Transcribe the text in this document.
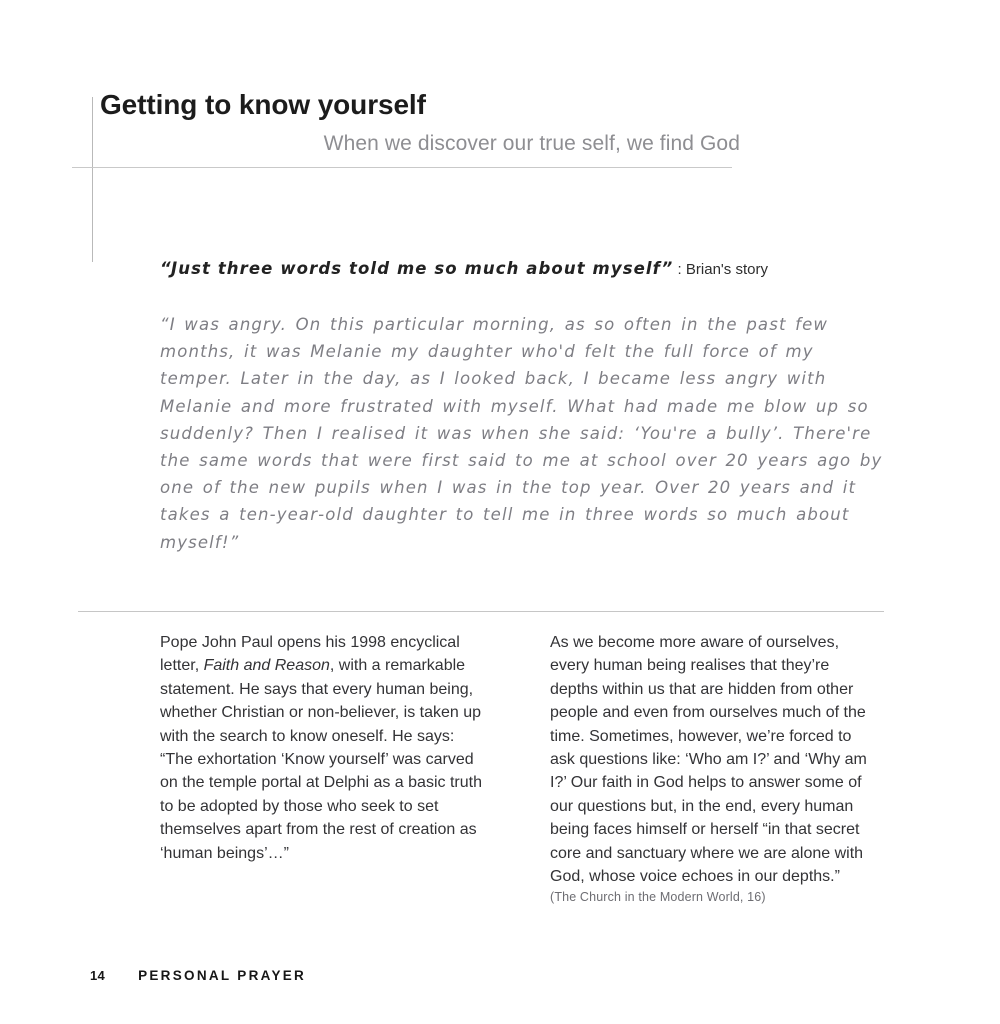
Getting to know yourself
When we discover our true self, we find God
“Just three words told me so much about myself” : Brian's story
“I was angry. On this particular morning, as so often in the past few months, it was Melanie my daughter who'd felt the full force of my temper. Later in the day, as I looked back, I became less angry with Melanie and more frustrated with myself. What had made me blow up so suddenly? Then I realised it was when she said: ‘You're a bully’. There're the same words that were first said to me at school over 20 years ago by one of the new pupils when I was in the top year. Over 20 years and it takes a ten‐year‐old daughter to tell me in three words so much about myself!”

Pope John Paul opens his 1998 encyclical letter, Faith and Reason, with a remarkable statement. He says that every human being, whether Christian or non-believer, is taken up with the search to know oneself. He says: “The exhortation ‘Know yourself’ was carved on the temple portal at Delphi as a basic truth to be adopted by those who seek to set themselves apart from the rest of creation as ‘human beings’…”

As we become more aware of ourselves, every human being realises that they’re depths within us that are hidden from other people and even from ourselves much of the time. Sometimes, however, we’re forced to ask questions like: ‘Who am I?’ and ‘Why am I?’ Our faith in God helps to answer some of our questions but, in the end, every human being faces himself or herself “in that secret core and sanctuary where we are alone with God, whose voice echoes in our depths.”

(The Church in the Modern World, 16)

14 PERSONAL PRAYER
